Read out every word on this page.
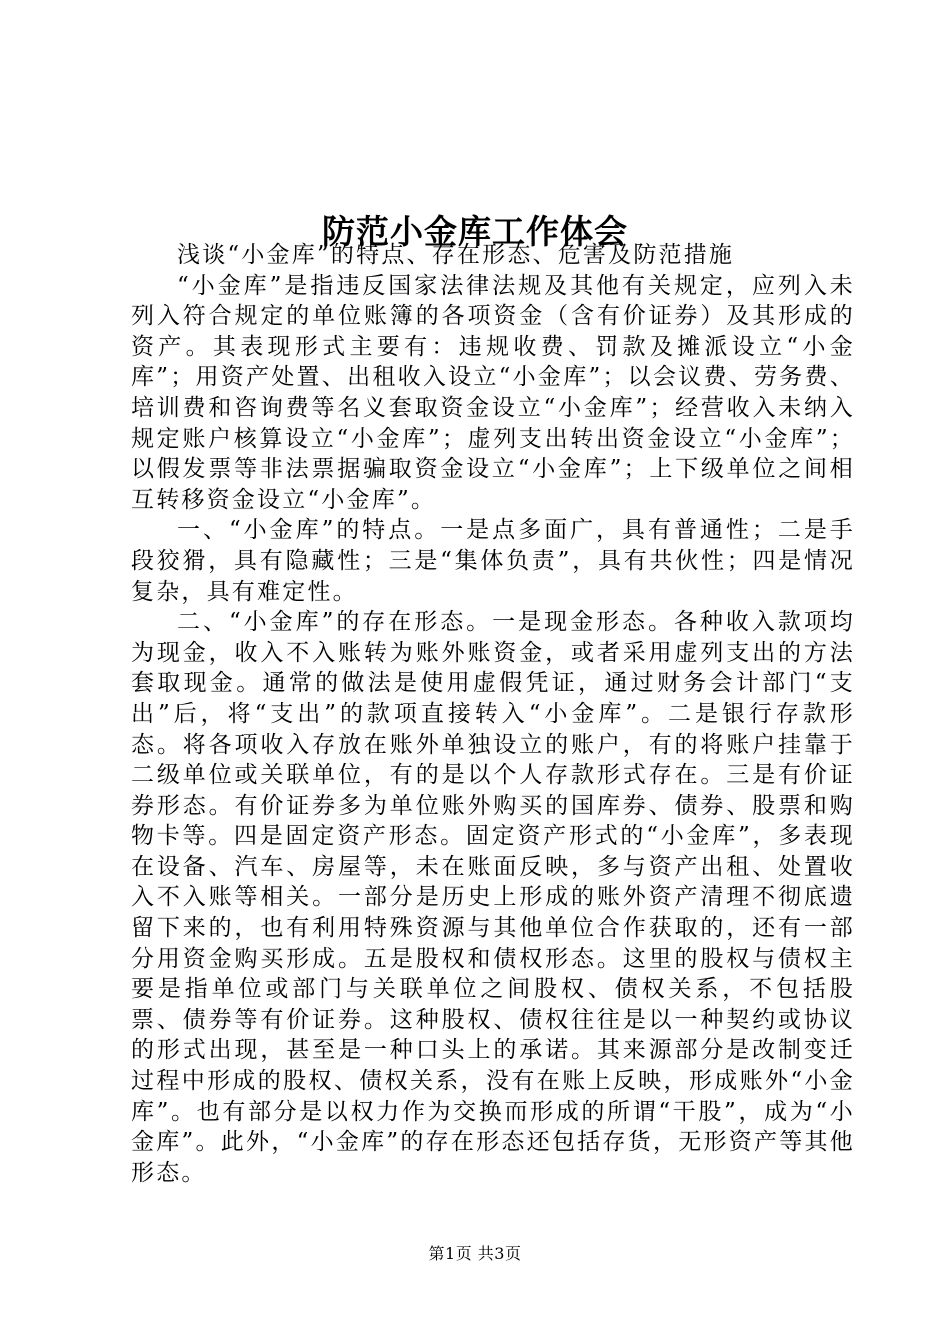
防范小金库工作体会

浅谈“小金库”的特点、存在形态、危害及防范措施

“小金库”是指违反国家法律法规及其他有关规定，应列入未列入符合规定的单位账簿的各项资金（含有价证券）及其形成的资产。其表现形式主要有：违规收费、罚款及摊派设立“小金库”；用资产处置、出租收入设立“小金库”；以会议费、劳务费、培训费和咨询费等名义套取资金设立“小金库”；经营收入未纳入规定账户核算设立“小金库”；虚列支出转出资金设立“小金库”；以假发票等非法票据骗取资金设立“小金库”；上下级单位之间相互转移资金设立“小金库”。

一、“小金库”的特点。一是点多面广，具有普通性；二是手段狡猾，具有隐藏性；三是“集体负责”，具有共伙性；四是情况复杂，具有难定性。

二、“小金库”的存在形态。一是现金形态。各种收入款项均为现金，收入不入账转为账外账资金，或者采用虚列支出的方法套取现金。通常的做法是使用虚假凭证，通过财务会计部门“支出”后，将“支出”的款项直接转入“小金库”。二是银行存款形态。将各项收入存放在账外单独设立的账户，有的将账户挂靠于二级单位或关联单位，有的是以个人存款形式存在。三是有价证券形态。有价证券多为单位账外购买的国库券、债券、股票和购物卡等。四是固定资产形态。固定资产形式的“小金库”，多表现在设备、汽车、房屋等，未在账面反映，多与资产出租、处置收入不入账等相关。一部分是历史上形成的账外资产清理不彻底遗留下来的，也有利用特殊资源与其他单位合作获取的，还有一部分用资金购买形成。五是股权和债权形态。这里的股权与债权主要是指单位或部门与关联单位之间股权、债权关系，不包括股票、债券等有价证券。这种股权、债权往往是以一种契约或协议的形式出现，甚至是一种口头上的承诺。其来源部分是改制变迁过程中形成的股权、债权关系，没有在账上反映，形成账外“小金库”。也有部分是以权力作为交换而形成的所谓“干股”，成为“小金库”。此外，“小金库”的存在形态还包括存货，无形资产等其他形态。

第1页 共3页
